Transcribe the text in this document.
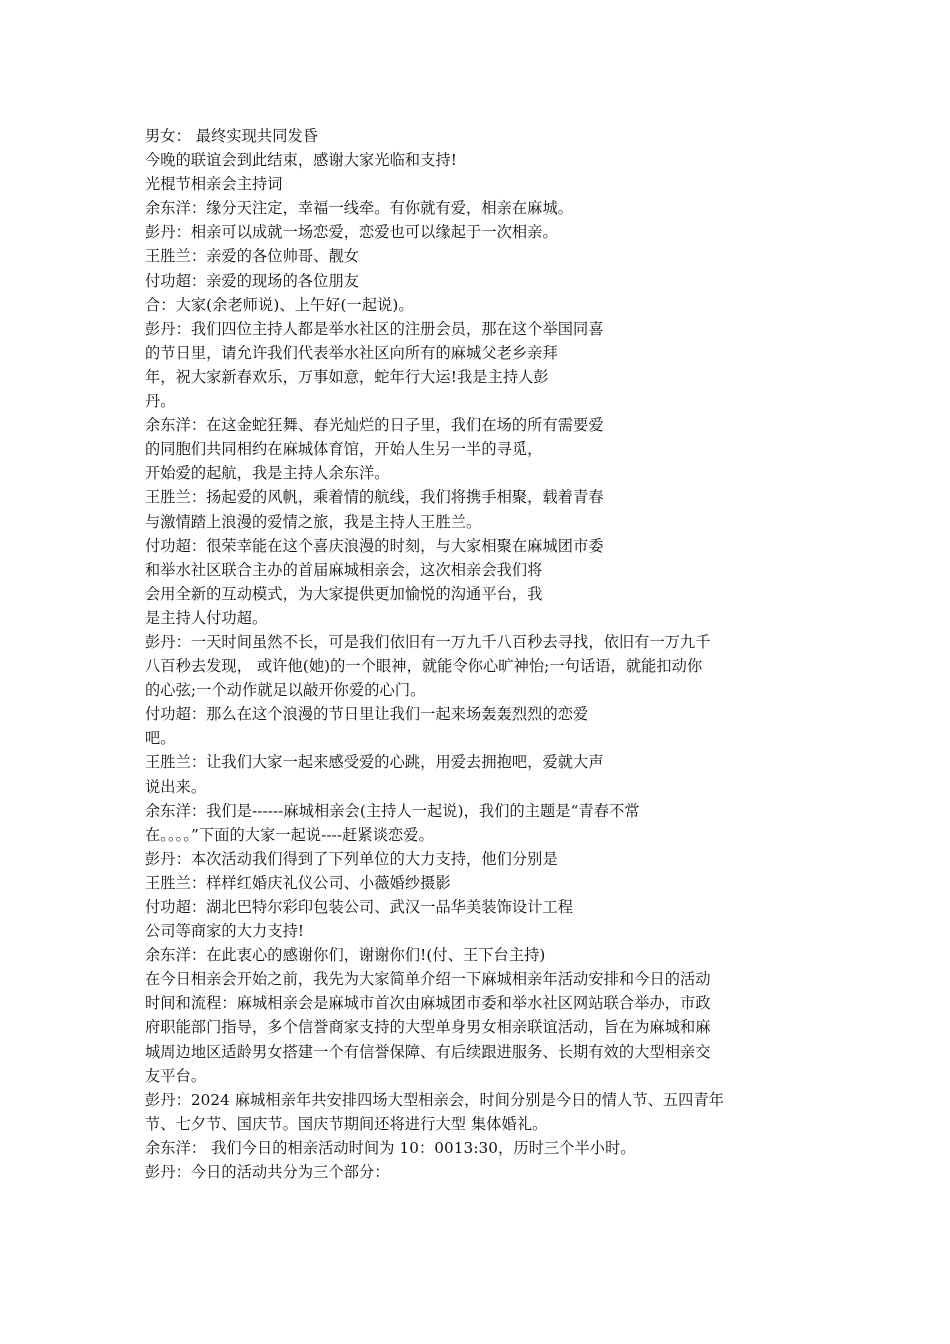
男女： 最终实现共同发昏
今晚的联谊会到此结束，感谢大家光临和支持!
光棍节相亲会主持词
余东洋：缘分天注定，幸福一线牵。有你就有爱，相亲在麻城。
彭丹：相亲可以成就一场恋爱，恋爱也可以缘起于一次相亲。
王胜兰：亲爱的各位帅哥、靓女
付功超：亲爱的现场的各位朋友
合：大家(余老师说)、上午好(一起说)。
彭丹：我们四位主持人都是举水社区的注册会员，那在这个举国同喜
的节日里，请允许我们代表举水社区向所有的麻城父老乡亲拜
年，祝大家新春欢乐，万事如意，蛇年行大运!我是主持人彭
丹。
余东洋：在这金蛇狂舞、春光灿烂的日子里，我们在场的所有需要爱
的同胞们共同相约在麻城体育馆，开始人生另一半的寻觅，
开始爱的起航，我是主持人余东洋。
王胜兰：扬起爱的风帆，乘着情的航线，我们将携手相聚，载着青春
与激情踏上浪漫的爱情之旅，我是主持人王胜兰。
付功超：很荣幸能在这个喜庆浪漫的时刻，与大家相聚在麻城团市委
和举水社区联合主办的首届麻城相亲会，这次相亲会我们将
会用全新的互动模式，为大家提供更加愉悦的沟通平台，我
是主持人付功超。
彭丹：一天时间虽然不长，可是我们依旧有一万九千八百秒去寻找，依旧有一万九千
八百秒去发现， 或许他(她)的一个眼神，就能令你心旷神怡;一句话语，就能扣动你
的心弦;一个动作就足以敲开你爱的心门。
付功超：那么在这个浪漫的节日里让我们一起来场轰轰烈烈的恋爱
吧。
王胜兰：让我们大家一起来感受爱的心跳，用爱去拥抱吧，爱就大声
说出来。
余东洋：我们是------麻城相亲会(主持人一起说)，我们的主题是“青春不常
在。。。。”下面的大家一起说----赶紧谈恋爱。
彭丹：本次活动我们得到了下列单位的大力支持，他们分别是
王胜兰：样样红婚庆礼仪公司、小薇婚纱摄影
付功超：湖北巴特尔彩印包装公司、武汉一品华美装饰设计工程
公司等商家的大力支持!
余东洋：在此衷心的感谢你们，谢谢你们!(付、王下台主持)
在今日相亲会开始之前，我先为大家简单介绍一下麻城相亲年活动安排和今日的活动
时间和流程：麻城相亲会是麻城市首次由麻城团市委和举水社区网站联合举办，市政
府职能部门指导，多个信誉商家支持的大型单身男女相亲联谊活动，旨在为麻城和麻
城周边地区适龄男女搭建一个有信誉保障、有后续跟进服务、长期有效的大型相亲交
友平台。
彭丹：2024 麻城相亲年共安排四场大型相亲会，时间分别是今日的情人节、五四青年
节、七夕节、国庆节。国庆节期间还将进行大型 集体婚礼。
余东洋： 我们今日的相亲活动时间为 10：0013:30，历时三个半小时。
彭丹：今日的活动共分为三个部分：
